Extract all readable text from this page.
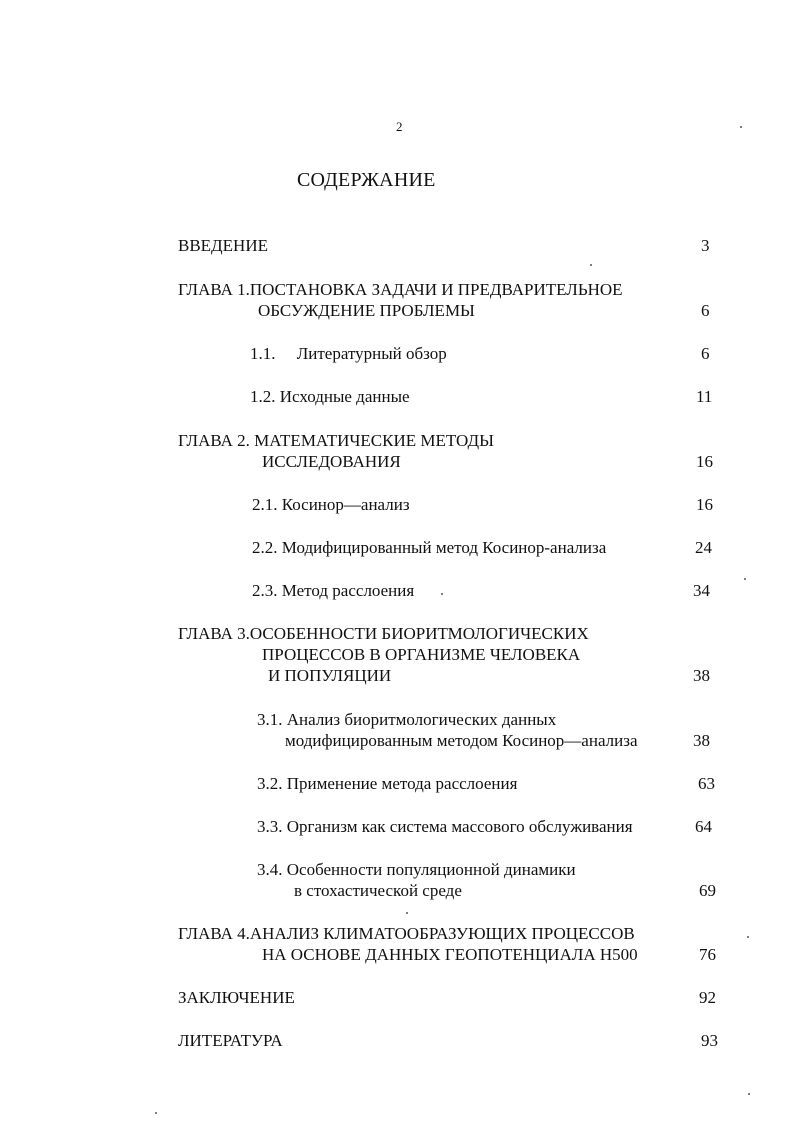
2
СОДЕРЖАНИЕ
ВВЕДЕНИЕ	3
ГЛАВА 1.ПОСТАНОВКА ЗАДАЧИ И ПРЕДВАРИТЕЛЬНОЕ
ОБСУЖДЕНИЕ ПРОБЛЕМЫ	6
1.1.     Литературный обзор	6
1.2. Исходные данные	11
ГЛАВА 2. МАТЕМАТИЧЕСКИЕ МЕТОДЫ
ИССЛЕДОВАНИЯ	16
2.1. Косинор—анализ	16
2.2. Модифицированный метод Косинор-анализа	24
2.3. Метод расслоения	34
ГЛАВА 3.ОСОБЕННОСТИ БИОРИТМОЛОГИЧЕСКИХ
ПРОЦЕССОВ В ОРГАНИЗМЕ ЧЕЛОВЕКА
И ПОПУЛЯЦИИ	38
3.1. Анализ биоритмологических данных
модифицированным методом Косинор—анализа	38
3.2. Применение метода расслоения	63
3.3. Организм как система массового обслуживания	64
3.4. Особенности популяционной динамики
в стохастической среде	69
ГЛАВА 4.АНАЛИЗ КЛИМАТООБРАЗУЮЩИХ ПРОЦЕССОВ
НА ОСНОВЕ ДАННЫХ ГЕОПОТЕНЦИАЛА Н500	76
ЗАКЛЮЧЕНИЕ	92
ЛИТЕРАТУРА	93
